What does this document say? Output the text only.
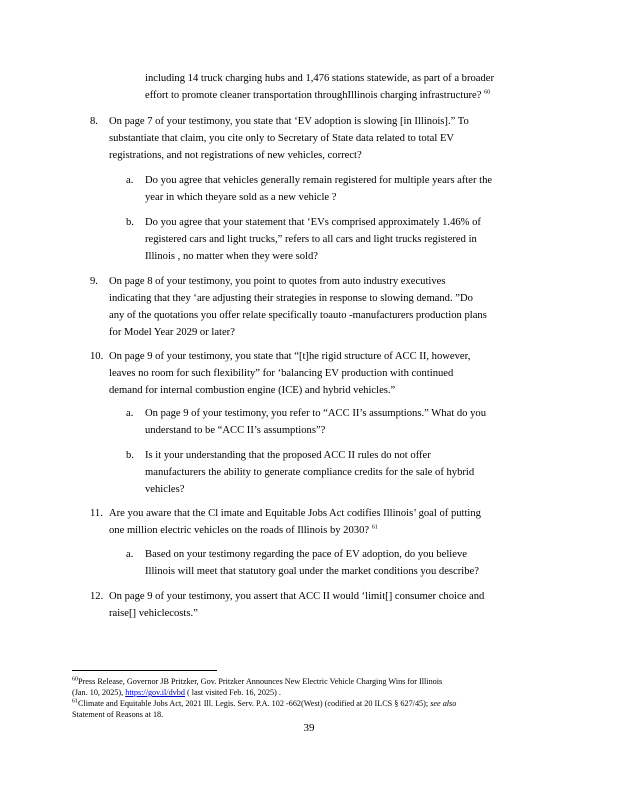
including 14 truck charging hubs and 1,476 stations statewide, as part of a broader
effort to promote cleaner transportation throughIllinois charging infrastructure? $^{60}$
8. On page 7 of your testimony, you state that ‘EV adoption is slowing [in Illinois].” To
substantiate that claim, you cite only to Secretary of State data related to total EV
registrations, and not registrations of new vehicles, correct?
a. Do you agree that vehicles generally remain registered for multiple years after the
year in which theyare sold as a new vehicle ?
b. Do you agree that your statement that ‘EVs comprised approximately 1.46% of
registered cars and light trucks,” refers to all cars and light trucks registered in
Illinois , no matter when they were sold?
9. On page 8 of your testimony, you point to quotes from auto industry executives
indicating that they ‘are adjusting their strategies in response to slowing demand. ”Do
any of the quotations you offer relate specifically toauto -manufacturers production plans
for Model Year 2029 or later?
10. On page 9 of your testimony, you state that “[t]he rigid structure of ACC II, however,
leaves no room for such flexibility” for ‘balancing EV production with continued
demand for internal combustion engine (ICE) and hybrid vehicles.”
a. On page 9 of your testimony, you refer to “ACC II’s assumptions.” What do you
understand to be “ACC II’s assumptions”?
b. Is it your understanding that the proposed ACC II rules do not offer
manufacturers the ability to generate compliance credits for the sale of hybrid
vehicles?
11. Are you aware that the Cl imate and Equitable Jobs Act codifies Illinois’ goal of putting
one million electric vehicles on the roads of Illinois by 2030? $^{61}$
a. Based on your testimony regarding the pace of EV adoption, do you believe
Illinois will meet that statutory goal under the market conditions you describe?
12. On page 9 of your testimony, you assert that ACC II would ‘limit[] consumer choice and
raise[] vehiclecosts.”
$^{60}$Press Release, Governor JB Pritzker, Gov. Pritzker Announces New Electric Vehicle Charging Wins for Illinois
(Jan. 10, 2025), https://gov.il/dvbd ( last visited Feb. 16, 2025) .
$^{61}$Climate and Equitable Jobs Act, 2021 Ill. Legis. Serv. P.A. 102 -662(West) (codified at 20 ILCS § 627/45); see also
Statement of Reasons at 18.
39
